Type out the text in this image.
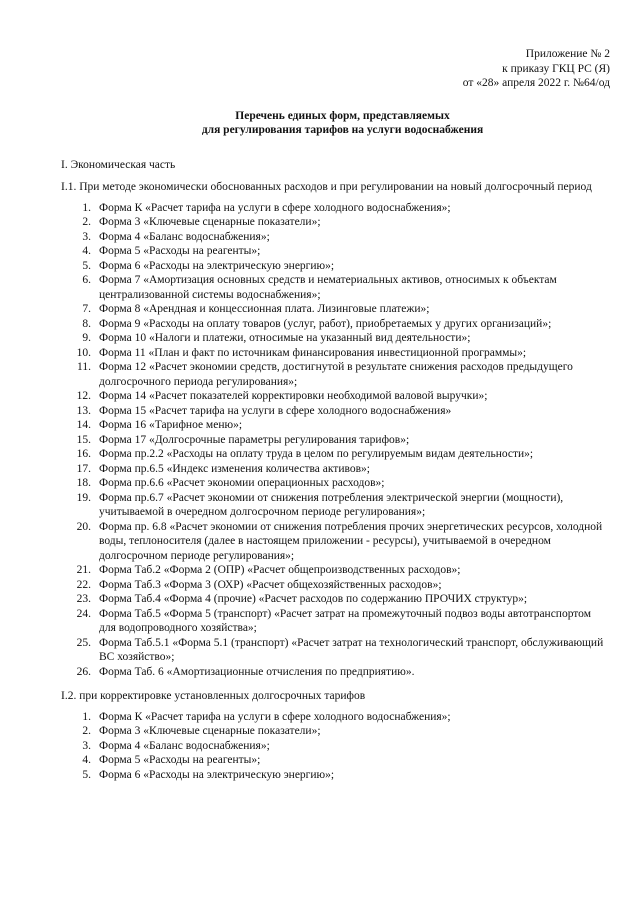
Приложение № 2
к приказу ГКЦ РС (Я)
от «28» апреля 2022 г. №64/од
Перечень единых форм, представляемых
для регулирования тарифов на услуги водоснабжения
I. Экономическая часть
I.1. При методе экономически обоснованных расходов и при регулировании на новый долгосрочный период
1. Форма К «Расчет тарифа на услуги в сфере холодного водоснабжения»;
2. Форма 3 «Ключевые сценарные показатели»;
3. Форма 4 «Баланс водоснабжения»;
4. Форма 5 «Расходы на реагенты»;
5. Форма 6 «Расходы на электрическую энергию»;
6. Форма 7 «Амортизация основных средств и нематериальных активов, относимых к объектам централизованной системы водоснабжения»;
7. Форма 8 «Арендная и концессионная плата. Лизинговые платежи»;
8. Форма 9 «Расходы на оплату товаров (услуг, работ), приобретаемых у других организаций»;
9. Форма 10 «Налоги и платежи, относимые на указанный вид деятельности»;
10. Форма 11 «План и факт по источникам финансирования инвестиционной программы»;
11. Форма 12 «Расчет экономии средств, достигнутой в результате снижения расходов предыдущего долгосрочного периода регулирования»;
12. Форма 14 «Расчет показателей корректировки необходимой валовой выручки»;
13. Форма 15 «Расчет тарифа на услуги в сфере холодного водоснабжения»
14. Форма 16 «Тарифное меню»;
15. Форма 17 «Долгосрочные параметры регулирования тарифов»;
16. Форма пр.2.2 «Расходы на оплату труда в целом по регулируемым видам деятельности»;
17. Форма пр.6.5 «Индекс изменения количества активов»;
18. Форма пр.6.6 «Расчет экономии операционных расходов»;
19. Форма пр.6.7 «Расчет экономии от снижения потребления электрической энергии (мощности), учитываемой в очередном долгосрочном периоде регулирования»;
20. Форма пр. 6.8 «Расчет экономии от снижения потребления прочих энергетических ресурсов, холодной воды, теплоносителя (далее в настоящем приложении - ресурсы), учитываемой в очередном долгосрочном периоде регулирования»;
21. Форма Таб.2 «Форма 2 (ОПР) «Расчет общепроизводственных расходов»;
22. Форма Таб.3 «Форма 3 (ОХР) «Расчет общехозяйственных расходов»;
23. Форма Таб.4 «Форма 4 (прочие) «Расчет расходов по содержанию ПРОЧИХ структур»;
24. Форма Таб.5 «Форма 5 (транспорт) «Расчет затрат на промежуточный подвоз воды автотранспортом для водопроводного хозяйства»;
25. Форма Таб.5.1 «Форма 5.1 (транспорт) «Расчет затрат на технологический транспорт, обслуживающий ВС хозяйство»;
26. Форма Таб. 6 «Амортизационные отчисления по предприятию».
I.2. при корректировке установленных долгосрочных тарифов
1. Форма К «Расчет тарифа на услуги в сфере холодного водоснабжения»;
2. Форма 3 «Ключевые сценарные показатели»;
3. Форма 4 «Баланс водоснабжения»;
4. Форма 5 «Расходы на реагенты»;
5. Форма 6 «Расходы на электрическую энергию»;
